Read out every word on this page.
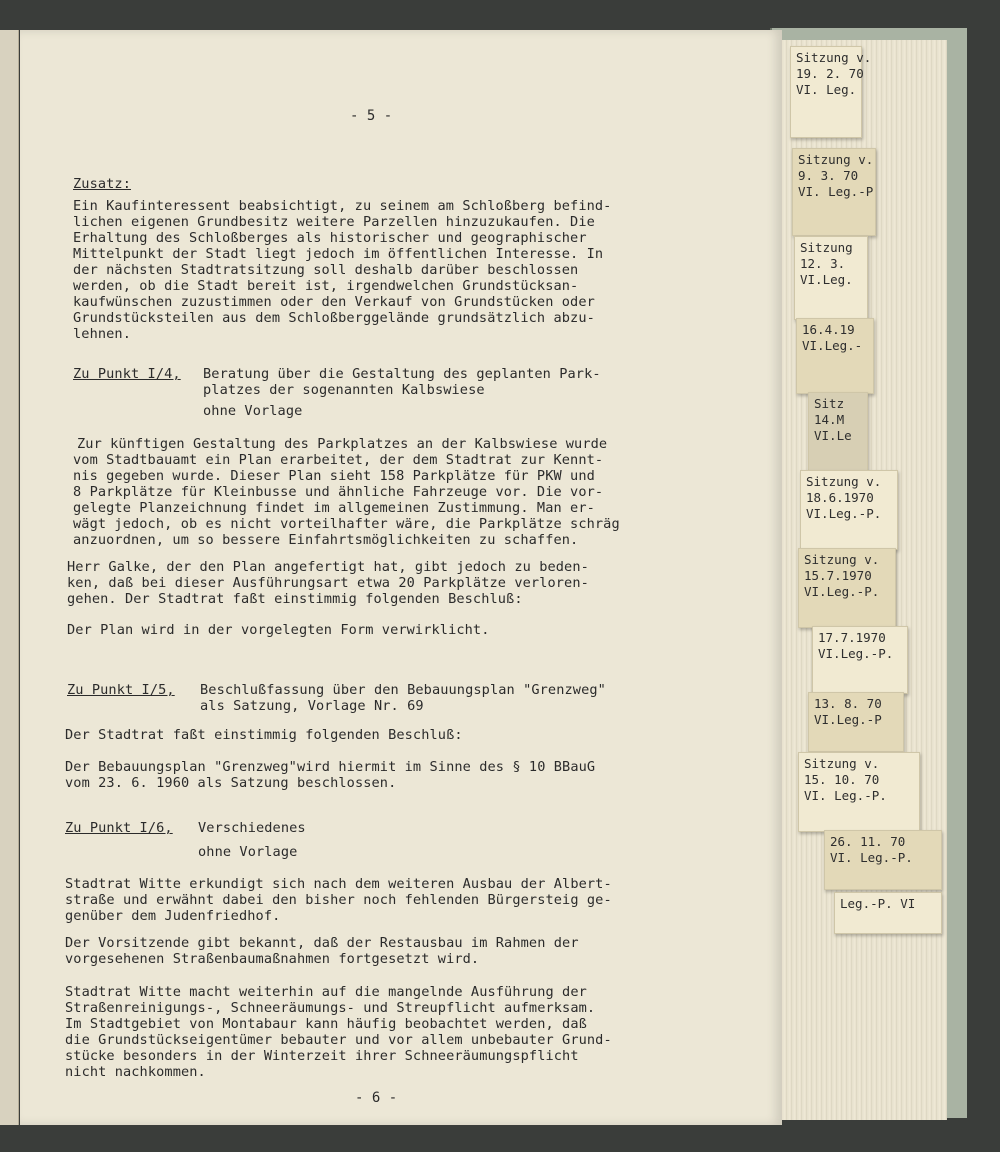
- 5 -
Zusatz:
Ein Kaufinteressent beabsichtigt, zu seinem am Schloßberg befind-
lichen eigenen Grundbesitz weitere Parzellen hinzuzukaufen. Die
Erhaltung des Schloßberges als historischer und geographischer
Mittelpunkt der Stadt liegt jedoch im öffentlichen Interesse. In
der nächsten Stadtratsitzung soll deshalb darüber beschlossen
werden, ob die Stadt bereit ist, irgendwelchen Grundstücksan-
kaufwünschen zuzustimmen oder den Verkauf von Grundstücken oder
Grundstücksteilen aus dem Schloßberggelände grundsätzlich abzu-
lehnen.
Zu Punkt I/4, Beratung über die Gestaltung des geplanten Park-
platzes der sogenannten Kalbswiese
ohne Vorlage
Zur künftigen Gestaltung des Parkplatzes an der Kalbswiese wurde
vom Stadtbauamt ein Plan erarbeitet, der dem Stadtrat zur Kennt-
nis gegeben wurde. Dieser Plan sieht 158 Parkplätze für PKW und
8 Parkplätze für Kleinbusse und ähnliche Fahrzeuge vor. Die vor-
gelegte Planzeichnung findet im allgemeinen Zustimmung. Man er-
wägt jedoch, ob es nicht vorteilhafter wäre, die Parkplätze schräg
anzuordnen, um so bessere Einfahrtsmöglichkeiten zu schaffen.
Herr Galke, der den Plan angefertigt hat, gibt jedoch zu beden-
ken, daß bei dieser Ausführungsart etwa 20 Parkplätze verloren-
gehen. Der Stadtrat faßt einstimmig folgenden Beschluß:
Der Plan wird in der vorgelegten Form verwirklicht.
Zu Punkt I/5, Beschlußfassung über den Bebauungsplan "Grenzweg"
als Satzung, Vorlage Nr. 69
Der Stadtrat faßt einstimmig folgenden Beschluß:
Der Bebauungsplan "Grenzweg"wird hiermit im Sinne des § 10 BBauG
vom 23. 6. 1960 als Satzung beschlossen.
Zu Punkt I/6, Verschiedenes
ohne Vorlage
Stadtrat Witte erkundigt sich nach dem weiteren Ausbau der Albert-
straße und erwähnt dabei den bisher noch fehlenden Bürgersteig ge-
genüber dem Judenfriedhof.
Der Vorsitzende gibt bekannt, daß der Restausbau im Rahmen der
vorgesehenen Straßenbaumaßnahmen fortgesetzt wird.
Stadtrat Witte macht weiterhin auf die mangelnde Ausführung der
Straßenreinigungs-, Schneeräumungs- und Streupflicht aufmerksam.
Im Stadtgebiet von Montabaur kann häufig beobachtet werden, daß
die Grundstückseigentümer bebauter und vor allem unbebauter Grund-
stücke besonders in der Winterzeit ihrer Schneeräumungspflicht
nicht nachkommen.
- 6 -
Sitzung v.
19. 2. 70
VI. Leg.
Sitzung v.
9. 3. 70
VI. Leg.-P
Sitzung
12. 3.
VI.Leg.
16.4.19
VI.Leg.-
Sitz
14.M
VI.Le
Sitzung v.
18.6.1970
VI.Leg.-P.
Sitzung v.
15.7.1970
VI.Leg.-P.
17.7.1970
VI.Leg.-P.
13. 8. 70
VI.Leg.-P
Sitzung v.
15. 10. 70
VI. Leg.-P.
26. 11. 70
VI. Leg.-P.
Leg.-P. VI
